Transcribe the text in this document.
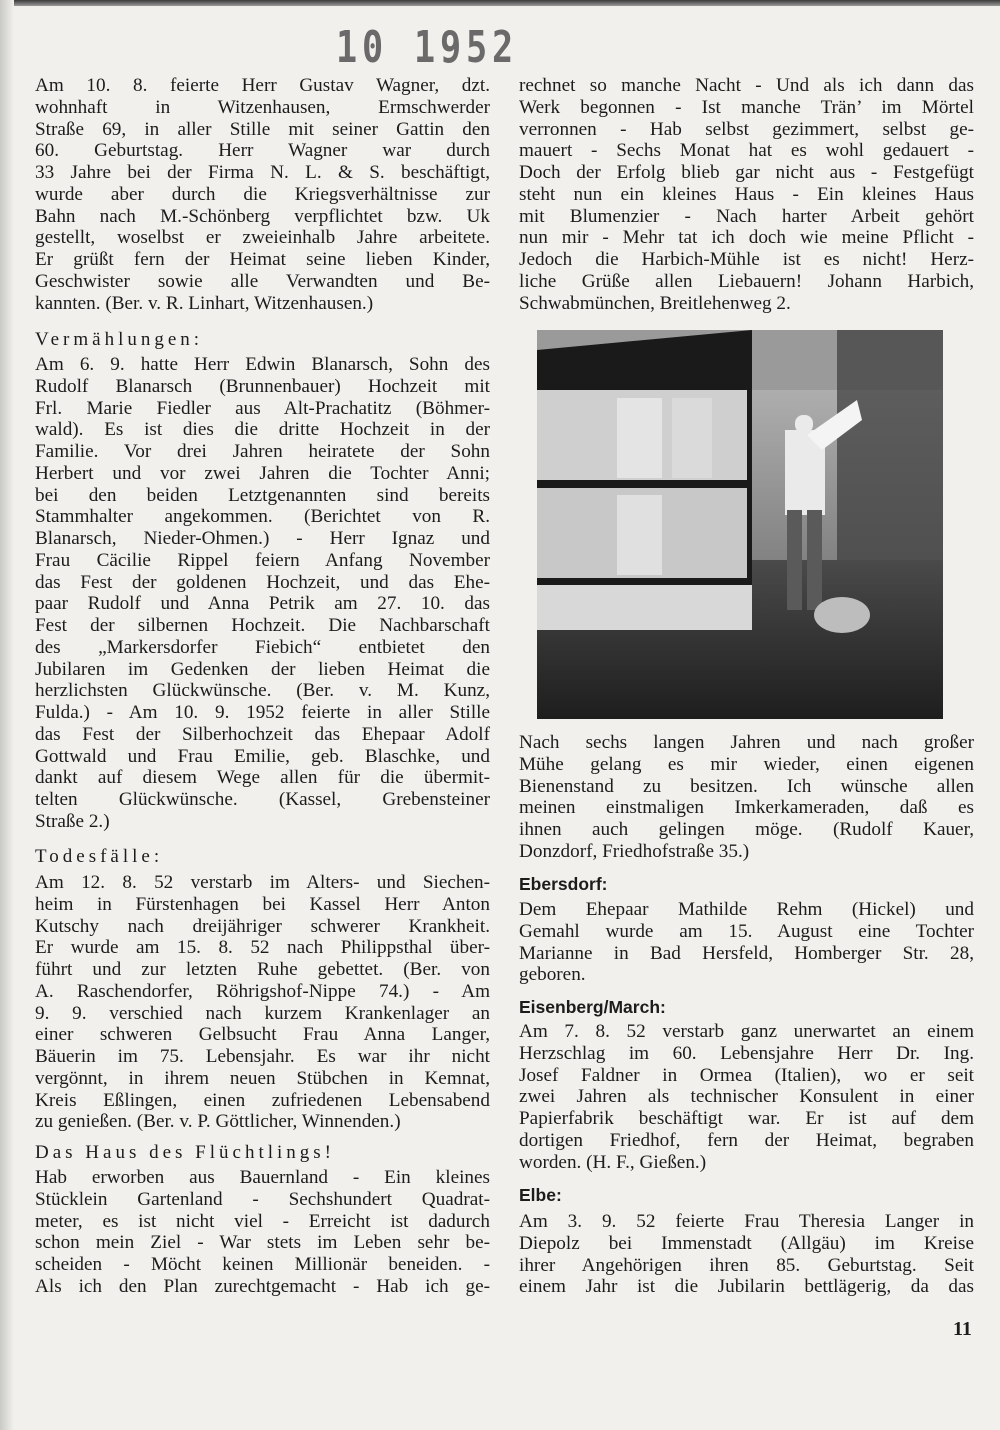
10 1952
Am 10. 8. feierte Herr Gustav Wagner, dzt.
wohnhaft in Witzenhausen, Ermschwerder
Straße 69, in aller Stille mit seiner Gattin den
60. Geburtstag. Herr Wagner war durch
33 Jahre bei der Firma N. L. & S. beschäftigt,
wurde aber durch die Kriegsverhältnisse zur
Bahn nach M.-Schönberg verpflichtet bzw. Uk
gestellt, woselbst er zweieinhalb Jahre arbeitete.
Er grüßt fern der Heimat seine lieben Kinder,
Geschwister sowie alle Verwandten und Be-
kannten. (Ber. v. R. Linhart, Witzenhausen.)
Vermählungen:
Am 6. 9. hatte Herr Edwin Blanarsch, Sohn des
Rudolf Blanarsch (Brunnenbauer) Hochzeit mit
Frl. Marie Fiedler aus Alt-Prachatitz (Böhmer-
wald). Es ist dies die dritte Hochzeit in der
Familie. Vor drei Jahren heiratete der Sohn
Herbert und vor zwei Jahren die Tochter Anni;
bei den beiden Letztgenannten sind bereits
Stammhalter angekommen. (Berichtet von R.
Blanarsch, Nieder-Ohmen.) - Herr Ignaz und
Frau Cäcilie Rippel feiern Anfang November
das Fest der goldenen Hochzeit, und das Ehe-
paar Rudolf und Anna Petrik am 27. 10. das
Fest der silbernen Hochzeit. Die Nachbarschaft
des „Markersdorfer Fiebich“ entbietet den
Jubilaren im Gedenken der lieben Heimat die
herzlichsten Glückwünsche. (Ber. v. M. Kunz,
Fulda.) - Am 10. 9. 1952 feierte in aller Stille
das Fest der Silberhochzeit das Ehepaar Adolf
Gottwald und Frau Emilie, geb. Blaschke, und
dankt auf diesem Wege allen für die übermit-
telten Glückwünsche. (Kassel, Grebensteiner
Straße 2.)
Todesfälle:
Am 12. 8. 52 verstarb im Alters- und Siechen-
heim in Fürstenhagen bei Kassel Herr Anton
Kutschy nach dreijähriger schwerer Krankheit.
Er wurde am 15. 8. 52 nach Philippsthal über-
führt und zur letzten Ruhe gebettet. (Ber. von
A. Raschendorfer, Röhrigshof-Nippe 74.) - Am
9. 9. verschied nach kurzem Krankenlager an
einer schweren Gelbsucht Frau Anna Langer,
Bäuerin im 75. Lebensjahr. Es war ihr nicht
vergönnt, in ihrem neuen Stübchen in Kemnat,
Kreis Eßlingen, einen zufriedenen Lebensabend
zu genießen. (Ber. v. P. Göttlicher, Winnenden.)
Das Haus des Flüchtlings!
Hab erworben aus Bauernland - Ein kleines
Stücklein Gartenland - Sechshundert Quadrat-
meter, es ist nicht viel - Erreicht ist dadurch
schon mein Ziel - War stets im Leben sehr be-
scheiden - Möcht keinen Millionär beneiden. -
Als ich den Plan zurechtgemacht - Hab ich ge-
rechnet so manche Nacht - Und als ich dann das
Werk begonnen - Ist manche Trän’ im Mörtel
verronnen - Hab selbst gezimmert, selbst ge-
mauert - Sechs Monat hat es wohl gedauert -
Doch der Erfolg blieb gar nicht aus - Festgefügt
steht nun ein kleines Haus - Ein kleines Haus
mit Blumenzier - Nach harter Arbeit gehört
nun mir - Mehr tat ich doch wie meine Pflicht -
Jedoch die Harbich-Mühle ist es nicht! Herz-
liche Grüße allen Liebauern! Johann Harbich,
Schwabmünchen, Breitlehenweg 2.
Nach sechs langen Jahren und nach großer
Mühe gelang es mir wieder, einen eigenen
Bienenstand zu besitzen. Ich wünsche allen
meinen einstmaligen Imkerkameraden, daß es
ihnen auch gelingen möge. (Rudolf Kauer,
Donzdorf, Friedhofstraße 35.)
Ebersdorf:
Dem Ehepaar Mathilde Rehm (Hickel) und
Gemahl wurde am 15. August eine Tochter
Marianne in Bad Hersfeld, Homberger Str. 28,
geboren.
Eisenberg/March:
Am 7. 8. 52 verstarb ganz unerwartet an einem
Herzschlag im 60. Lebensjahre Herr Dr. Ing.
Josef Faldner in Ormea (Italien), wo er seit
zwei Jahren als technischer Konsulent in einer
Papierfabrik beschäftigt war. Er ist auf dem
dortigen Friedhof, fern der Heimat, begraben
worden. (H. F., Gießen.)
Elbe:
Am 3. 9. 52 feierte Frau Theresia Langer in
Diepolz bei Immenstadt (Allgäu) im Kreise
ihrer Angehörigen ihren 85. Geburtstag. Seit
einem Jahr ist die Jubilarin bettlägerig, da das
11
